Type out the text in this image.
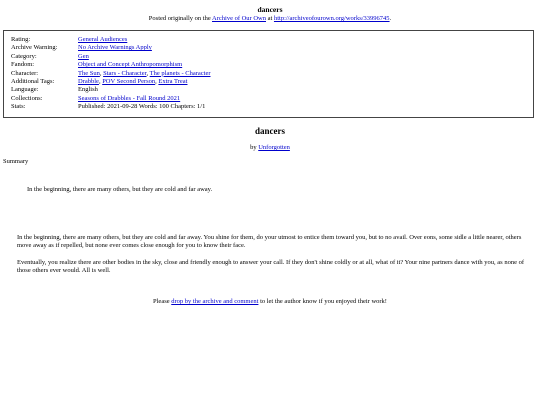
dancers
Posted originally on the Archive of Our Own at http://archiveofourown.org/works/33996745.
Rating:	General Audiences
Archive Warning:	No Archive Warnings Apply
Category:	Gen
Fandom:	Object and Concept Anthropomorphism
Character:	The Sun, Stars - Character, The planets - Character
Additional Tags:	Drabble, POV Second Person, Extra Treat
Language:	English
Collections:	Seasons of Drabbles - Fall Round 2021
Stats:	Published: 2021-09-28 Words: 100 Chapters: 1/1
dancers
by Unforgotten
Summary
In the beginning, there are many others, but they are cold and far away.

In the beginning, there are many others, but they are cold and far away. You shine for them, do your utmost to entice them toward you, but to no avail. Over eons, some sidle a little nearer, others move away as if repelled, but none ever comes close enough for you to know their face.

Eventually, you realize there are other bodies in the sky, close and friendly enough to answer your call. If they don't shine coldly or at all, what of it? Your nine partners dance with you, as none of those others ever would. All is well.

Please drop by the archive and comment to let the author know if you enjoyed their work!
